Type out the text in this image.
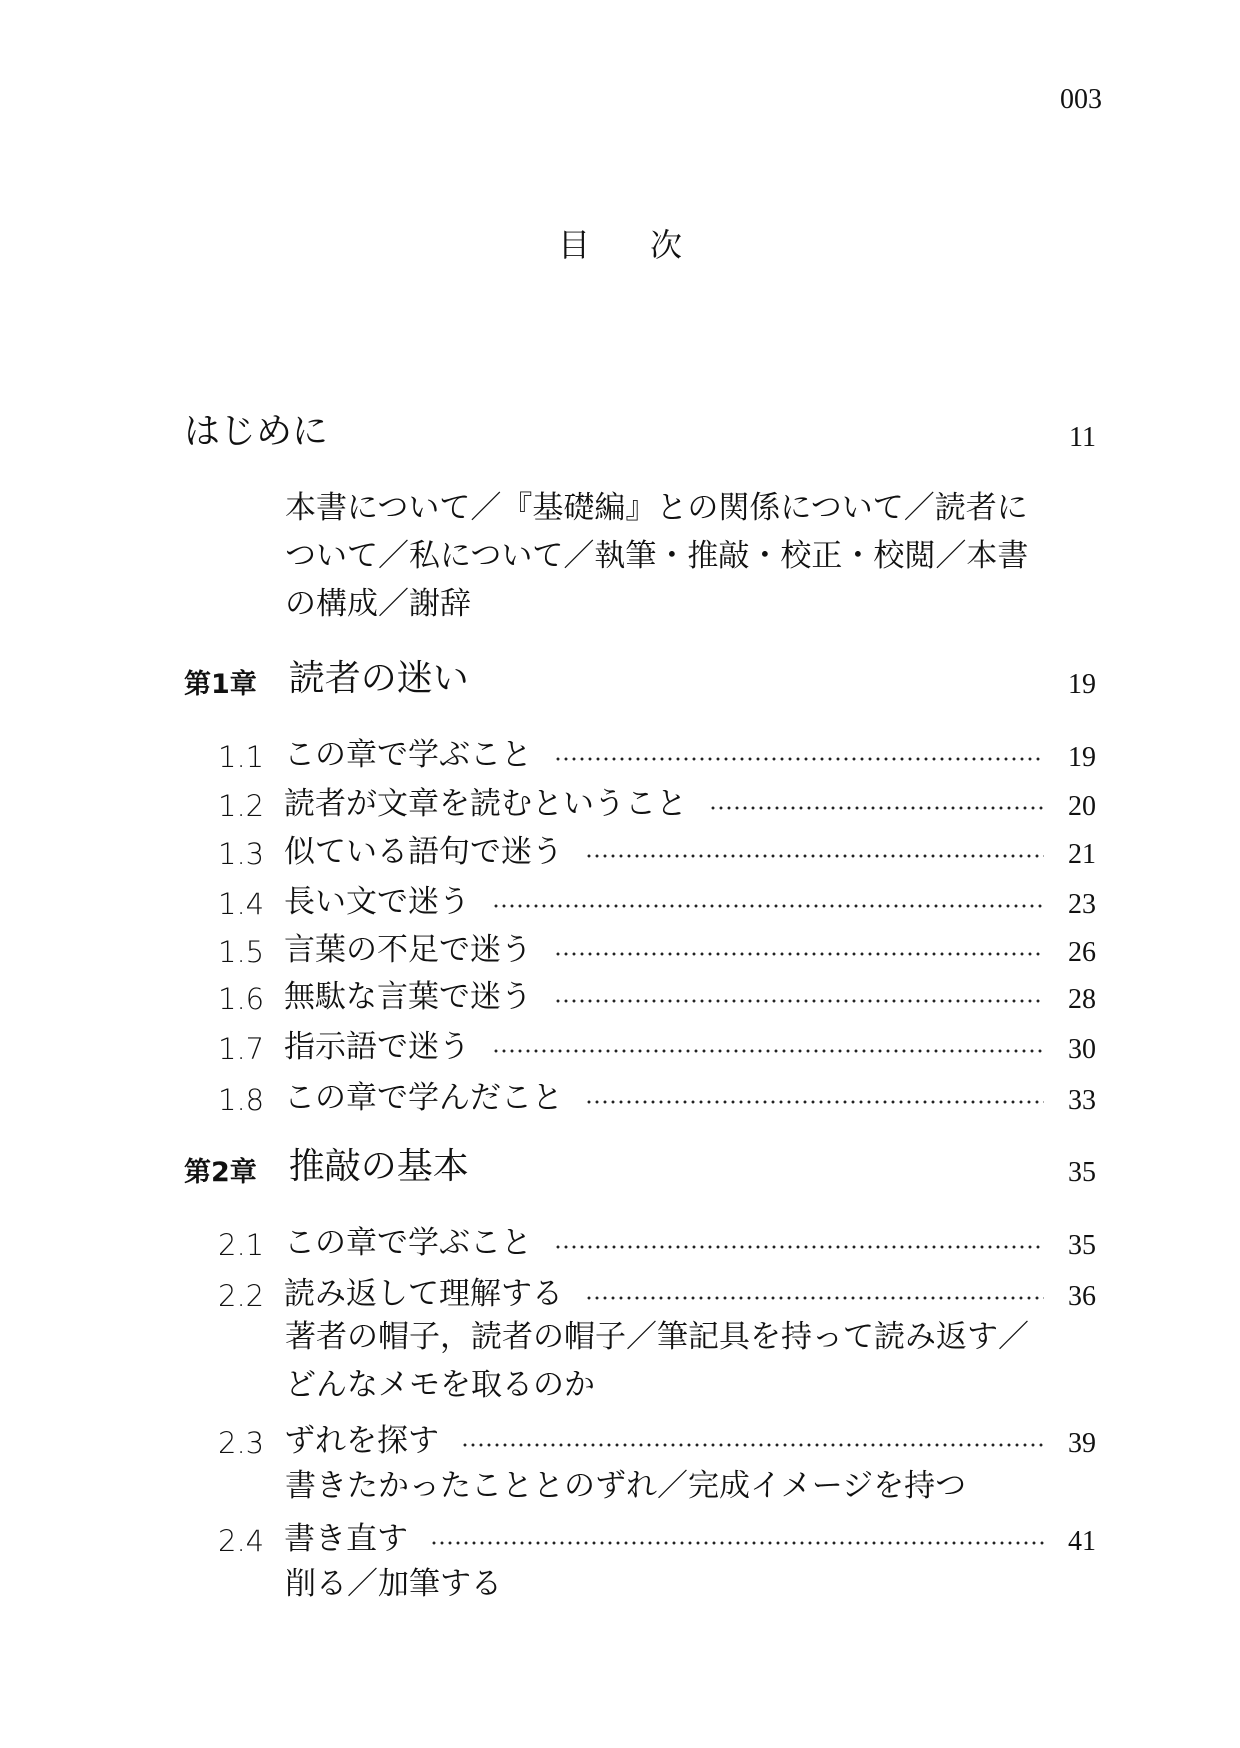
003
目次
はじめに	11
本書について／『基礎編』との関係について／読者に
ついて／私について／執筆・推敲・校正・校閲／本書
の構成／謝辞
第1章 読者の迷い	19
1.1 この章で学ぶこと	19
1.2 読者が文章を読むということ	20
1.3 似ている語句で迷う	21
1.4 長い文で迷う	23
1.5 言葉の不足で迷う	26
1.6 無駄な言葉で迷う	28
1.7 指示語で迷う	30
1.8 この章で学んだこと	33
第2章 推敲の基本	35
2.1 この章で学ぶこと	35
2.2 読み返して理解する	36
著者の帽子，読者の帽子／筆記具を持って読み返す／
どんなメモを取るのか
2.3 ずれを探す	39
書きたかったこととのずれ／完成イメージを持つ
2.4 書き直す	41
削る／加筆する
